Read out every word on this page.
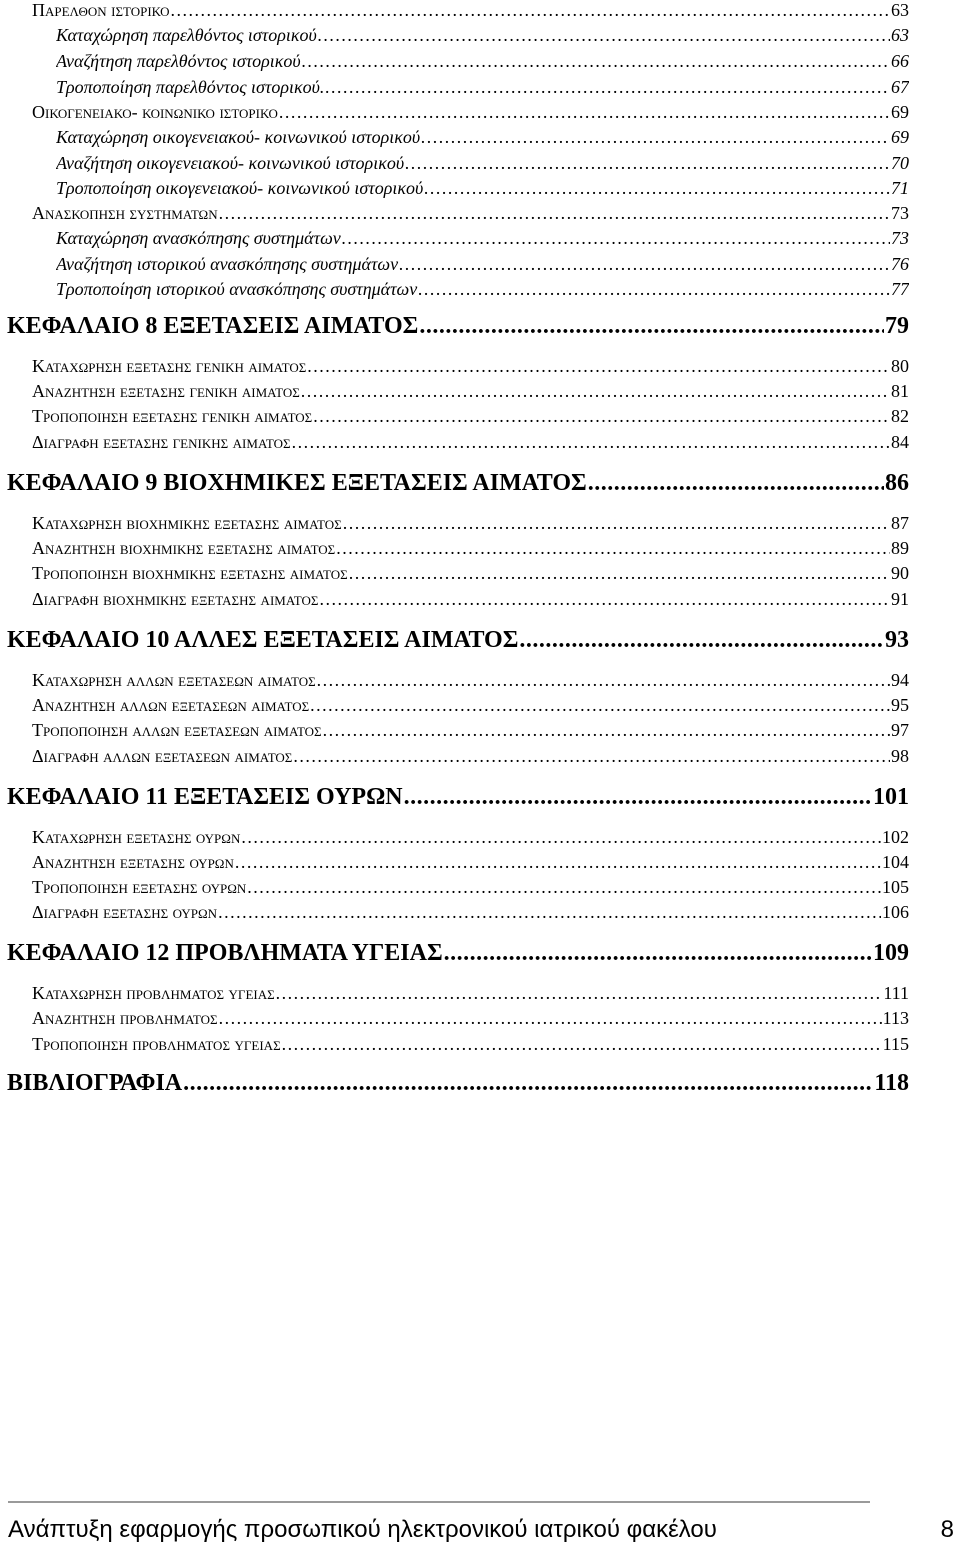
Παρελθον ιστορικο .....	63
Καταχώρηση παρελθόντος ιστορικού .....	63
Αναζήτηση παρελθόντος ιστορικού .....	66
Τροποποίηση παρελθόντος ιστορικού. .....	67
Οικογενειακο- κοινωνικο ιστορικο .....	69
Καταχώρηση οικογενειακού- κοινωνικού ιστορικού .....	69
Αναζήτηση οικογενειακού- κοινωνικού ιστορικού .....	70
Τροποποίηση οικογενειακού- κοινωνικού ιστορικού .....	71
Ανασκοπηση συστηματων .....	73
Καταχώρηση ανασκόπησης συστημάτων .....	73
Αναζήτηση ιστορικού ανασκόπησης συστημάτων .....	76
Τροποποίηση ιστορικού ανασκόπησης συστημάτων .....	77
ΚΕΦΑΛΑΙΟ 8 ΕΞΕΤΑΣΕΙΣ ΑΙΜΑΤΟΣ .....	79
Καταχωρηση εξετασης γενικη αιματος .....	80
Αναζητηση εξετασης γενικη αιματος .....	81
Τροποποιηση εξετασης γενικη αιματος .....	82
Διαγραφη εξετασης γενικης αιματος .....	84
ΚΕΦΑΛΑΙΟ 9 ΒΙΟΧΗΜΙΚΕΣ ΕΞΕΤΑΣΕΙΣ ΑΙΜΑΤΟΣ .....	86
Καταχωρηση βιοχημικης εξετασης αιματος .....	87
Αναζητηση βιοχημικης εξετασης αιματος .....	89
Τροποποιηση βιοχημικης εξετασης αιματος .....	90
Διαγραφη βιοχημικης εξετασης αιματος .....	91
ΚΕΦΑΛΑΙΟ 10 ΑΛΛΕΣ ΕΞΕΤΑΣΕΙΣ ΑΙΜΑΤΟΣ .....	93
Καταχωρηση αλλων εξετασεων αιματος .....	94
Αναζητηση αλλων εξετασεων αιματος .....	95
Τροποποιηση αλλων εξετασεων αιματος .....	97
Διαγραφη αλλων εξετασεων αιματος .....	98
ΚΕΦΑΛΑΙΟ 11 ΕΞΕΤΑΣΕΙΣ ΟΥΡΩΝ .....	101
Καταχωρηση εξετασης ουρων .....	102
Αναζητηση εξετασης ουρων .....	104
Τροποποιηση εξετασης ουρων .....	105
Διαγραφη εξετασης ουρων .....	106
ΚΕΦΑΛΑΙΟ 12 ΠΡΟΒΛΗΜΑΤΑ ΥΓΕΙΑΣ .....	109
Καταχωρηση προβληματος υγειας .....	111
Αναζητηση προβληματος .....	113
Τροποποιηση προβληματος υγειας .....	115
ΒΙΒΛΙΟΓΡΑΦΙΑ .....	118
Ανάπτυξη εφαρμογής προσωπικού ηλεκτρονικού ιατρικού φακέλου	8
